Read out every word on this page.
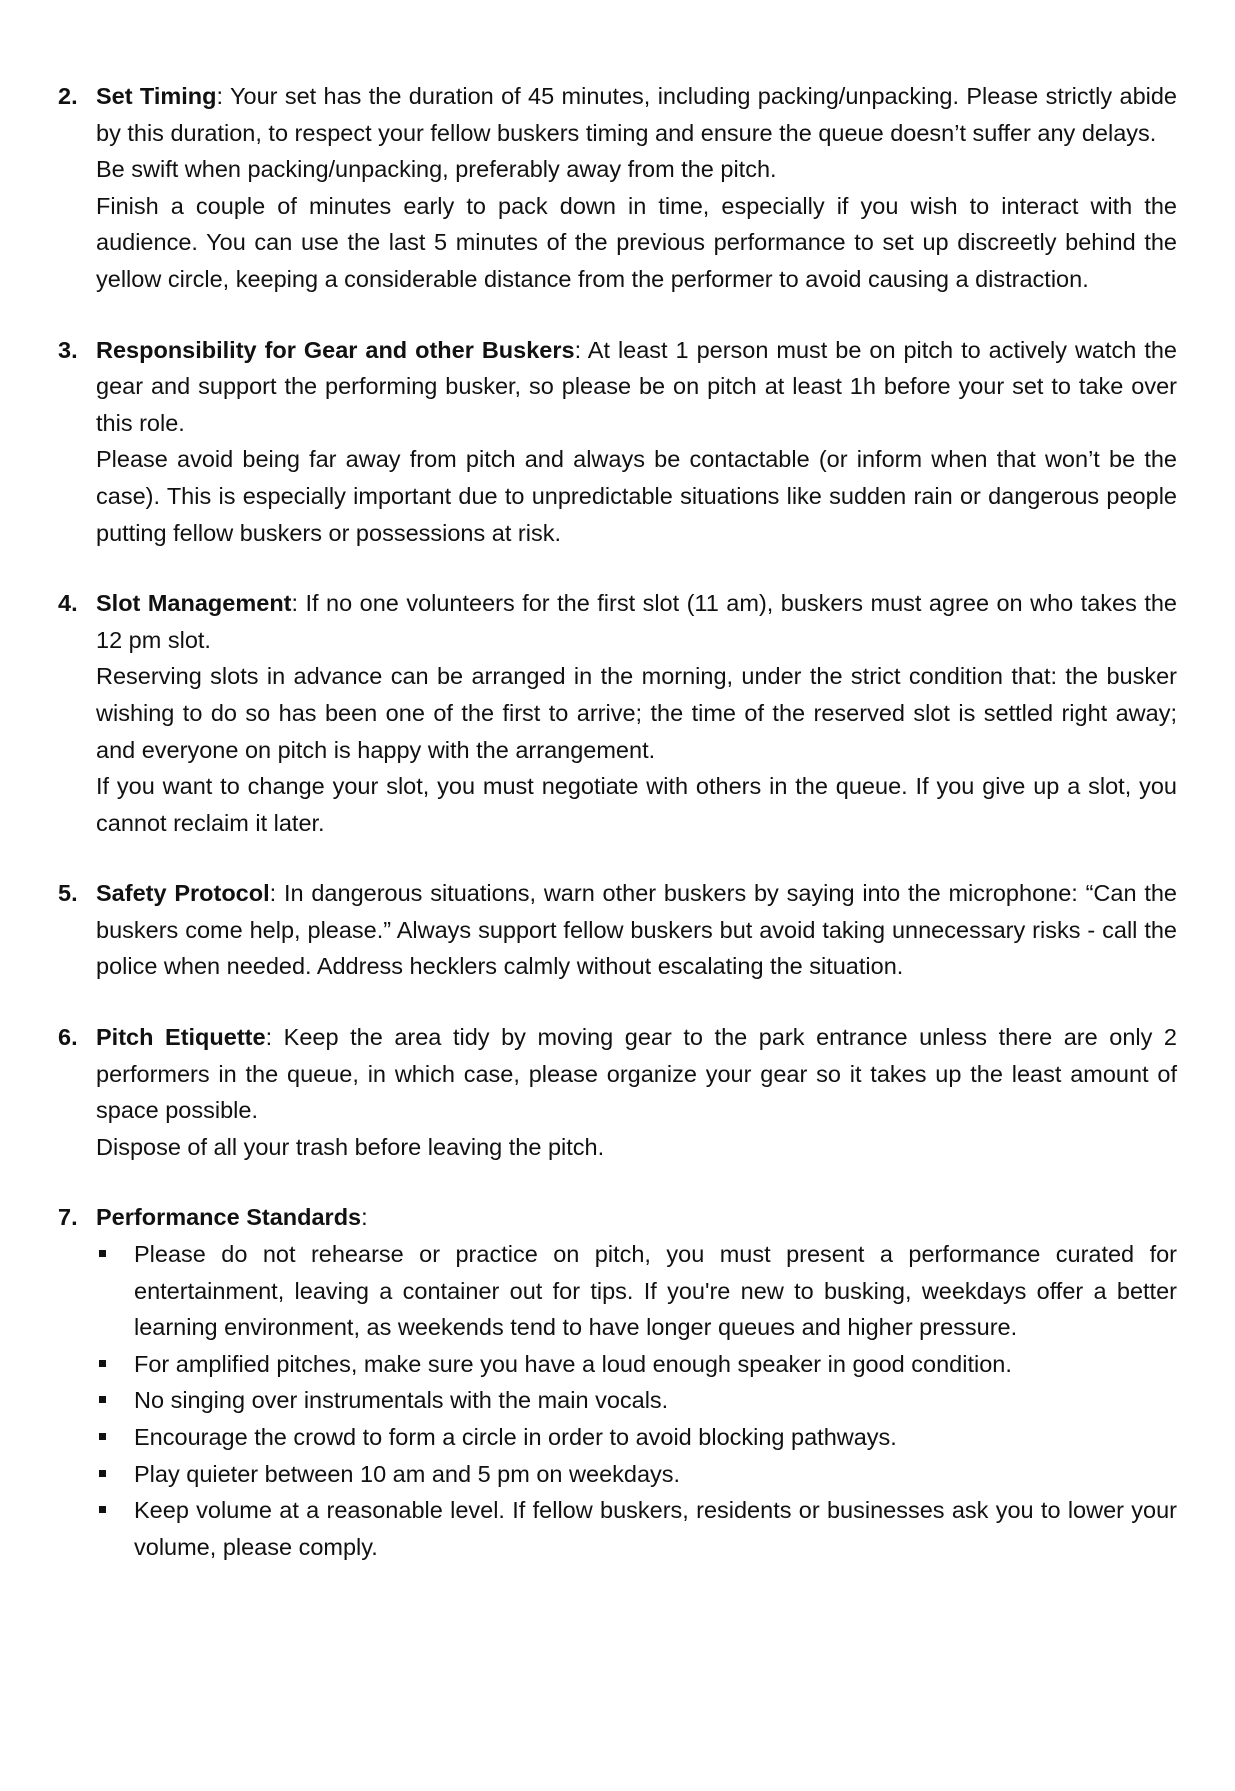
2. Set Timing: Your set has the duration of 45 minutes, including packing/unpacking. Please strictly abide by this duration, to respect your fellow buskers timing and ensure the queue doesn’t suffer any delays.

Be swift when packing/unpacking, preferably away from the pitch.

Finish a couple of minutes early to pack down in time, especially if you wish to interact with the audience. You can use the last 5 minutes of the previous performance to set up discreetly behind the yellow circle, keeping a considerable distance from the performer to avoid causing a distraction.

3. Responsibility for Gear and other Buskers: At least 1 person must be on pitch to actively watch the gear and support the performing busker, so please be on pitch at least 1h before your set to take over this role.

Please avoid being far away from pitch and always be contactable (or inform when that won’t be the case). This is especially important due to unpredictable situations like sudden rain or dangerous people putting fellow buskers or possessions at risk.

4. Slot Management: If no one volunteers for the first slot (11 am), buskers must agree on who takes the 12 pm slot.

Reserving slots in advance can be arranged in the morning, under the strict condition that: the busker wishing to do so has been one of the first to arrive; the time of the reserved slot is settled right away; and everyone on pitch is happy with the arrangement.

If you want to change your slot, you must negotiate with others in the queue. If you give up a slot, you cannot reclaim it later.

5. Safety Protocol: In dangerous situations, warn other buskers by saying into the microphone: “Can the buskers come help, please.” Always support fellow buskers but avoid taking unnecessary risks - call the police when needed. Address hecklers calmly without escalating the situation.

6. Pitch Etiquette: Keep the area tidy by moving gear to the park entrance unless there are only 2 performers in the queue, in which case, please organize your gear so it takes up the least amount of space possible.

Dispose of all your trash before leaving the pitch.

7. Performance Standards:

Please do not rehearse or practice on pitch, you must present a performance curated for entertainment, leaving a container out for tips. If you're new to busking, weekdays offer a better learning environment, as weekends tend to have longer queues and higher pressure.
For amplified pitches, make sure you have a loud enough speaker in good condition.
No singing over instrumentals with the main vocals.
Encourage the crowd to form a circle in order to avoid blocking pathways.
Play quieter between 10 am and 5 pm on weekdays.
Keep volume at a reasonable level. If fellow buskers, residents or businesses ask you to lower your volume, please comply.
